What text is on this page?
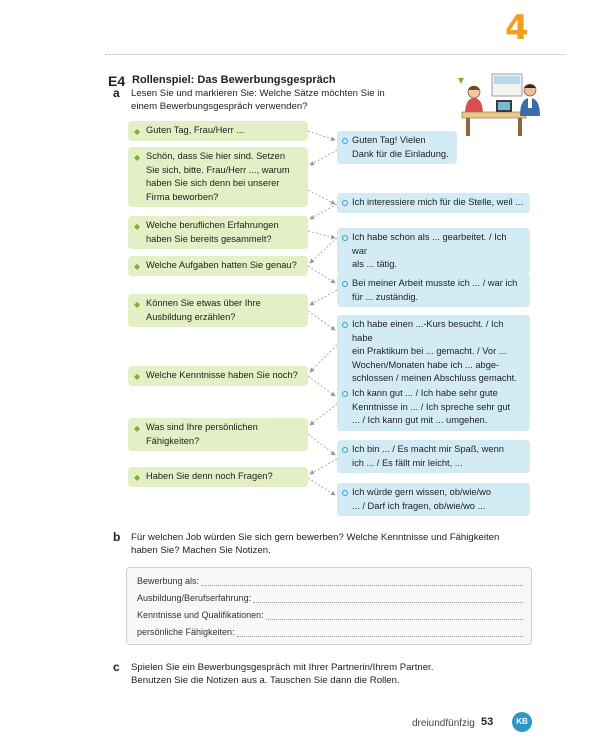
4
E4 Rollenspiel: Das Bewerbungsgespräch
a Lesen Sie und markieren Sie: Welche Sätze möchten Sie in
einem Bewerbungsgespräch verwenden?
◆ Guten Tag, Frau/Herr ...
◆ Schön, dass Sie hier sind. Setzen
Sie sich, bitte. Frau/Herr ..., warum
haben Sie sich denn bei unserer
Firma beworben?
◆ Welche beruflichen Erfahrungen
haben Sie bereits gesammelt?
◆ Welche Aufgaben hatten Sie genau?
◆ Können Sie etwas über Ihre
Ausbildung erzählen?
◆ Welche Kenntnisse haben Sie noch?
◆ Was sind Ihre persönlichen
Fähigkeiten?
◆ Haben Sie denn noch Fragen?
Guten Tag! Vielen
Dank für die Einladung.
Ich interessiere mich für die Stelle, weil ...
Ich habe schon als ... gearbeitet. / Ich war
als ... tätig.
Bei meiner Arbeit musste ich ... / war ich
für ... zuständig.
Ich habe einen ...-Kurs besucht. / Ich habe
ein Praktikum bei ... gemacht. / Vor ...
Wochen/Monaten habe ich ... abge-
schlossen / meinen Abschluss gemacht.
Ich kann gut ... / Ich habe sehr gute
Kenntnisse in ... / Ich spreche sehr gut
... / Ich kann gut mit ... umgehen.
Ich bin ... / Es macht mir Spaß, wenn
ich ... / Es fällt mir leicht, ...
Ich würde gern wissen, ob/wie/wo
... / Darf ich fragen, ob/wie/wo ...
b Für welchen Job würden Sie sich gern bewerben? Welche Kenntnisse und Fähigkeiten
haben Sie? Machen Sie Notizen.
Bewerbung als:
Ausbildung/Berufserfahrung:
Kenntnisse und Qualifikationen:
persönliche Fähigkeiten:
c Spielen Sie ein Bewerbungsgespräch mit Ihrer Partnerin/Ihrem Partner.
Benutzen Sie die Notizen aus a. Tauschen Sie dann die Rollen.
dreiundfünfzig 53	KB
